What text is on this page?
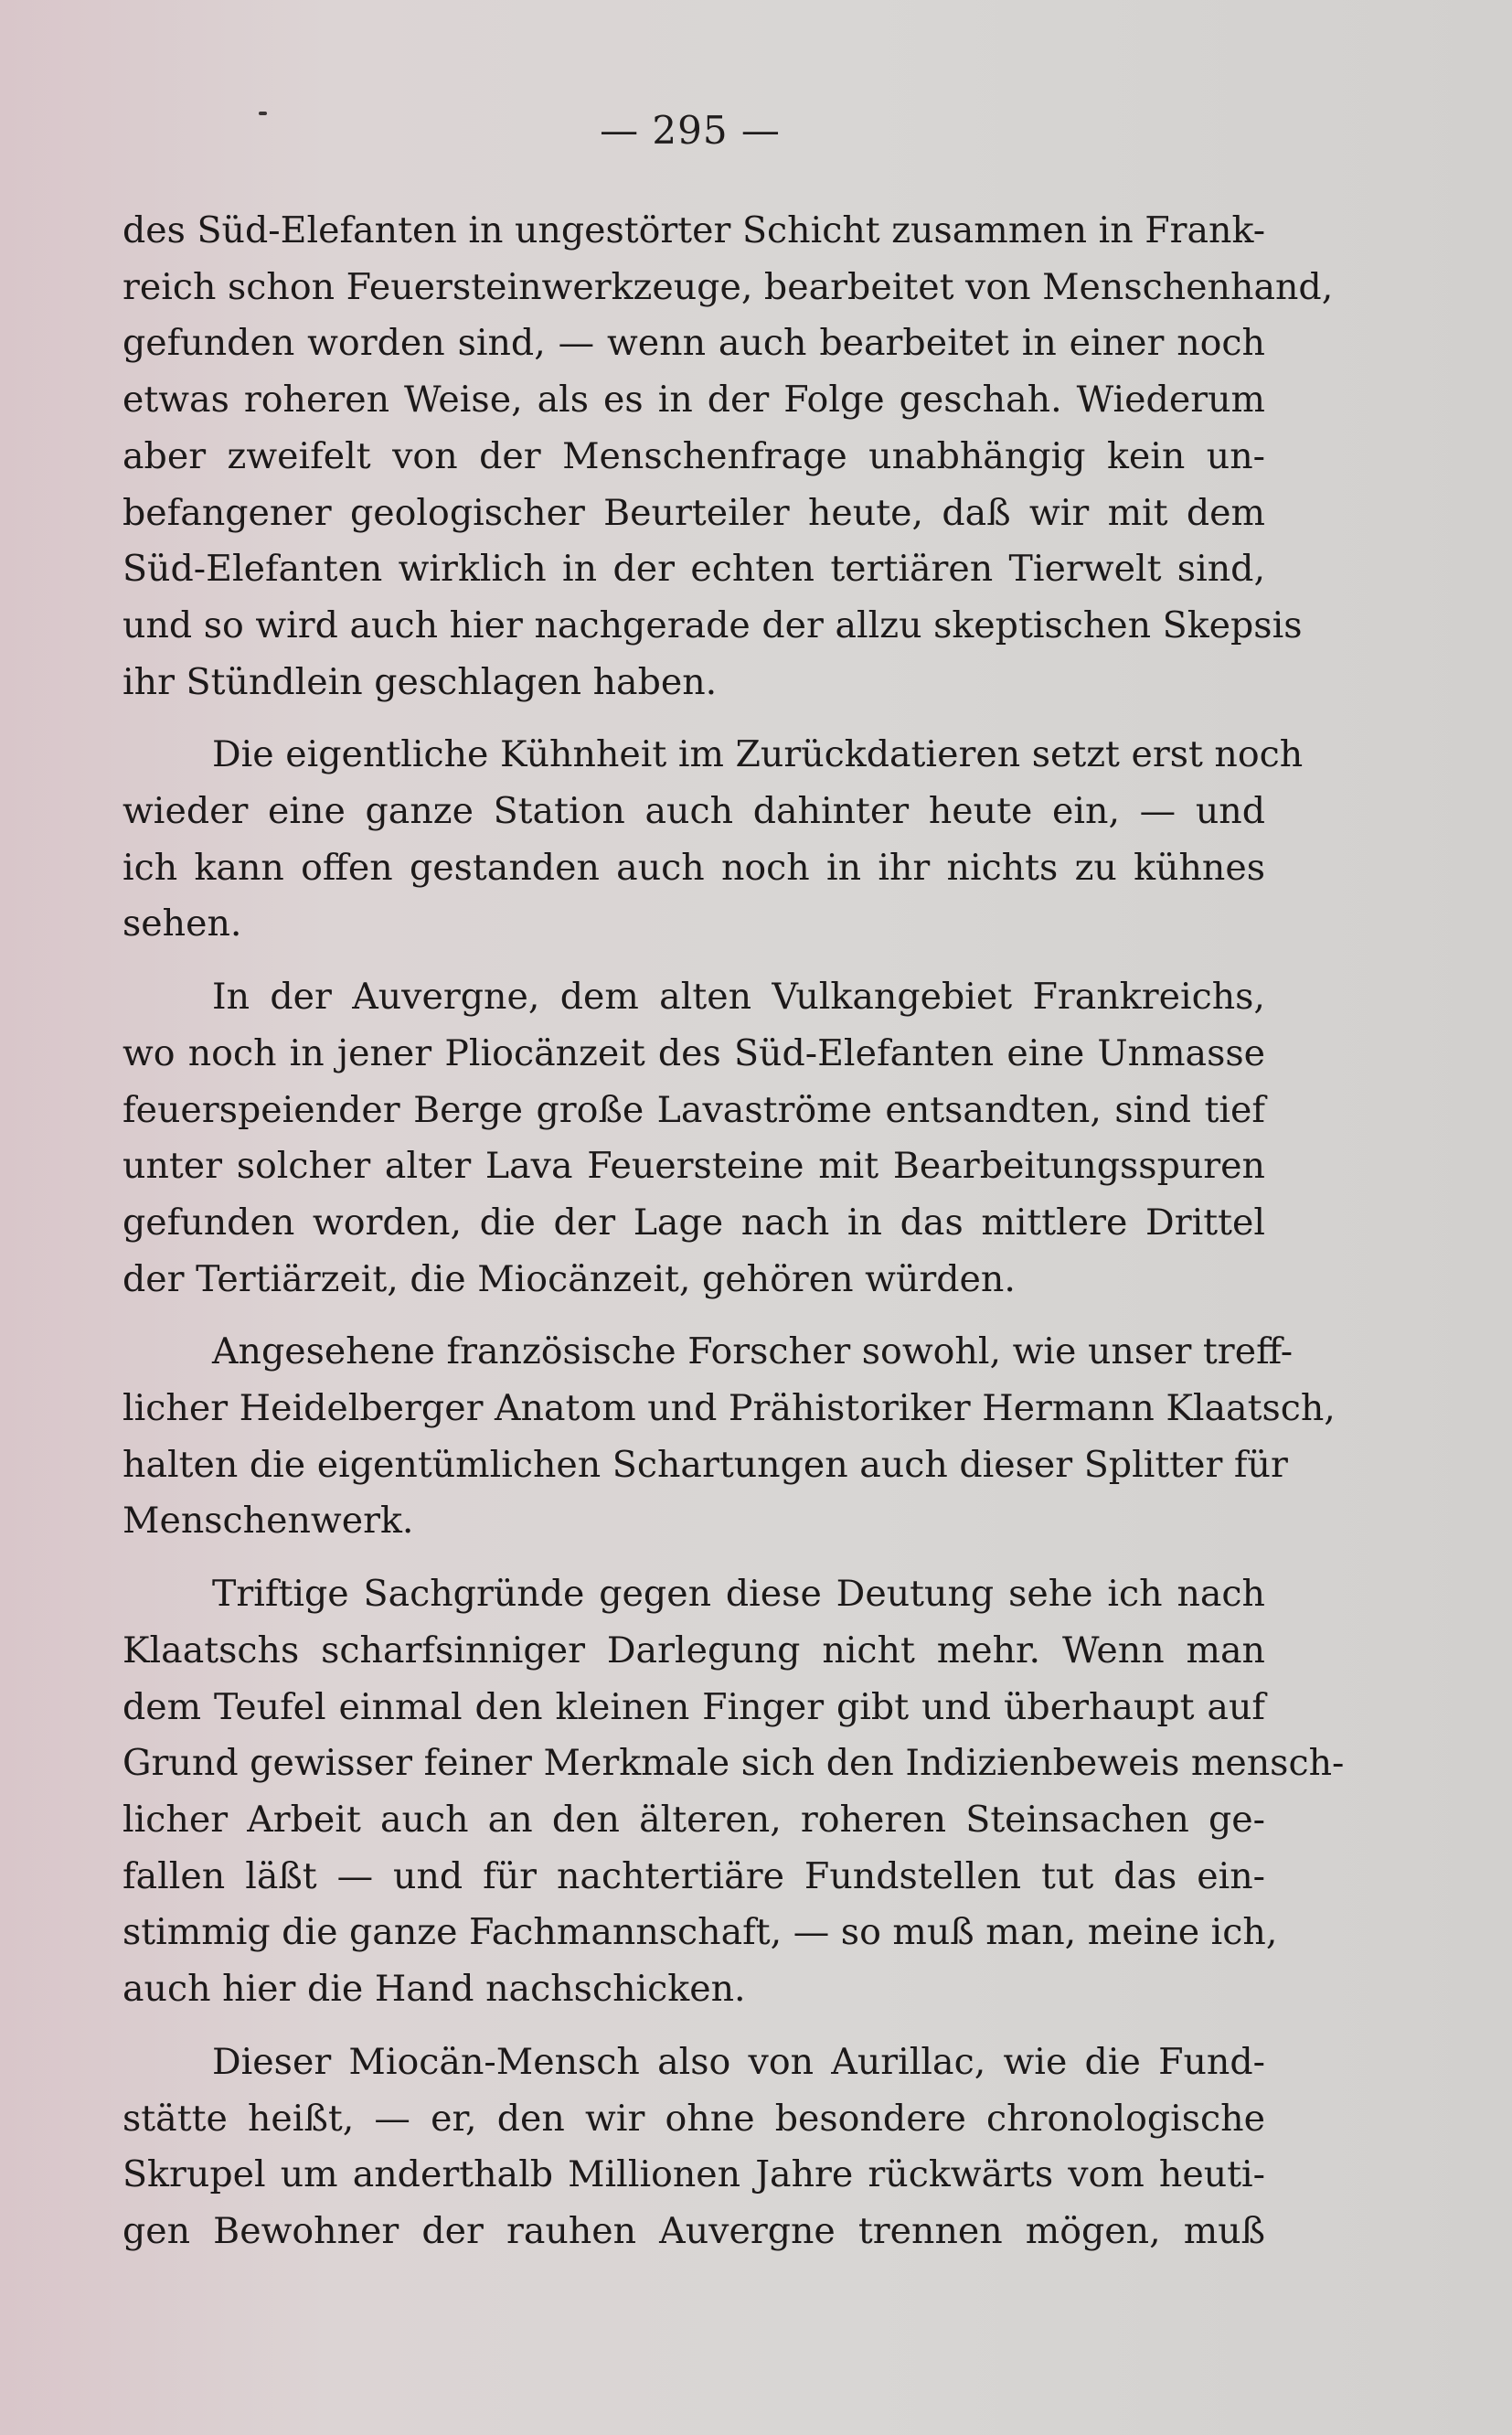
— 295 —

des Süd-Elefanten in ungestörter Schicht zusammen in Frank-
reich schon Feuersteinwerkzeuge, bearbeitet von Menschenhand,
gefunden worden sind, — wenn auch bearbeitet in einer noch
etwas roheren Weise, als es in der Folge geschah. Wiederum
aber zweifelt von der Menschenfrage unabhängig kein un-
befangener geologischer Beurteiler heute, daß wir mit dem
Süd-Elefanten wirklich in der echten tertiären Tierwelt sind,
und so wird auch hier nachgerade der allzu skeptischen Skepsis
ihr Stündlein geschlagen haben.

Die eigentliche Kühnheit im Zurückdatieren setzt erst noch
wieder eine ganze Station auch dahinter heute ein, — und
ich kann offen gestanden auch noch in ihr nichts zu kühnes
sehen.

In der Auvergne, dem alten Vulkangebiet Frankreichs,
wo noch in jener Pliocänzeit des Süd-Elefanten eine Unmasse
feuerspeiender Berge große Lavaströme entsandten, sind tief
unter solcher alter Lava Feuersteine mit Bearbeitungsspuren
gefunden worden, die der Lage nach in das mittlere Drittel
der Tertiärzeit, die Miocänzeit, gehören würden.

Angesehene französische Forscher sowohl, wie unser treff-
licher Heidelberger Anatom und Prähistoriker Hermann Klaatsch,
halten die eigentümlichen Schartungen auch dieser Splitter für
Menschenwerk.

Triftige Sachgründe gegen diese Deutung sehe ich nach
Klaatschs scharfsinniger Darlegung nicht mehr. Wenn man
dem Teufel einmal den kleinen Finger gibt und überhaupt auf
Grund gewisser feiner Merkmale sich den Indizienbeweis mensch-
licher Arbeit auch an den älteren, roheren Steinsachen ge-
fallen läßt — und für nachtertiäre Fundstellen tut das ein-
stimmig die ganze Fachmannschaft, — so muß man, meine ich,
auch hier die Hand nachschicken.

Dieser Miocän-Mensch also von Aurillac, wie die Fund-
stätte heißt, — er, den wir ohne besondere chronologische
Skrupel um anderthalb Millionen Jahre rückwärts vom heuti-
gen Bewohner der rauhen Auvergne trennen mögen, muß
